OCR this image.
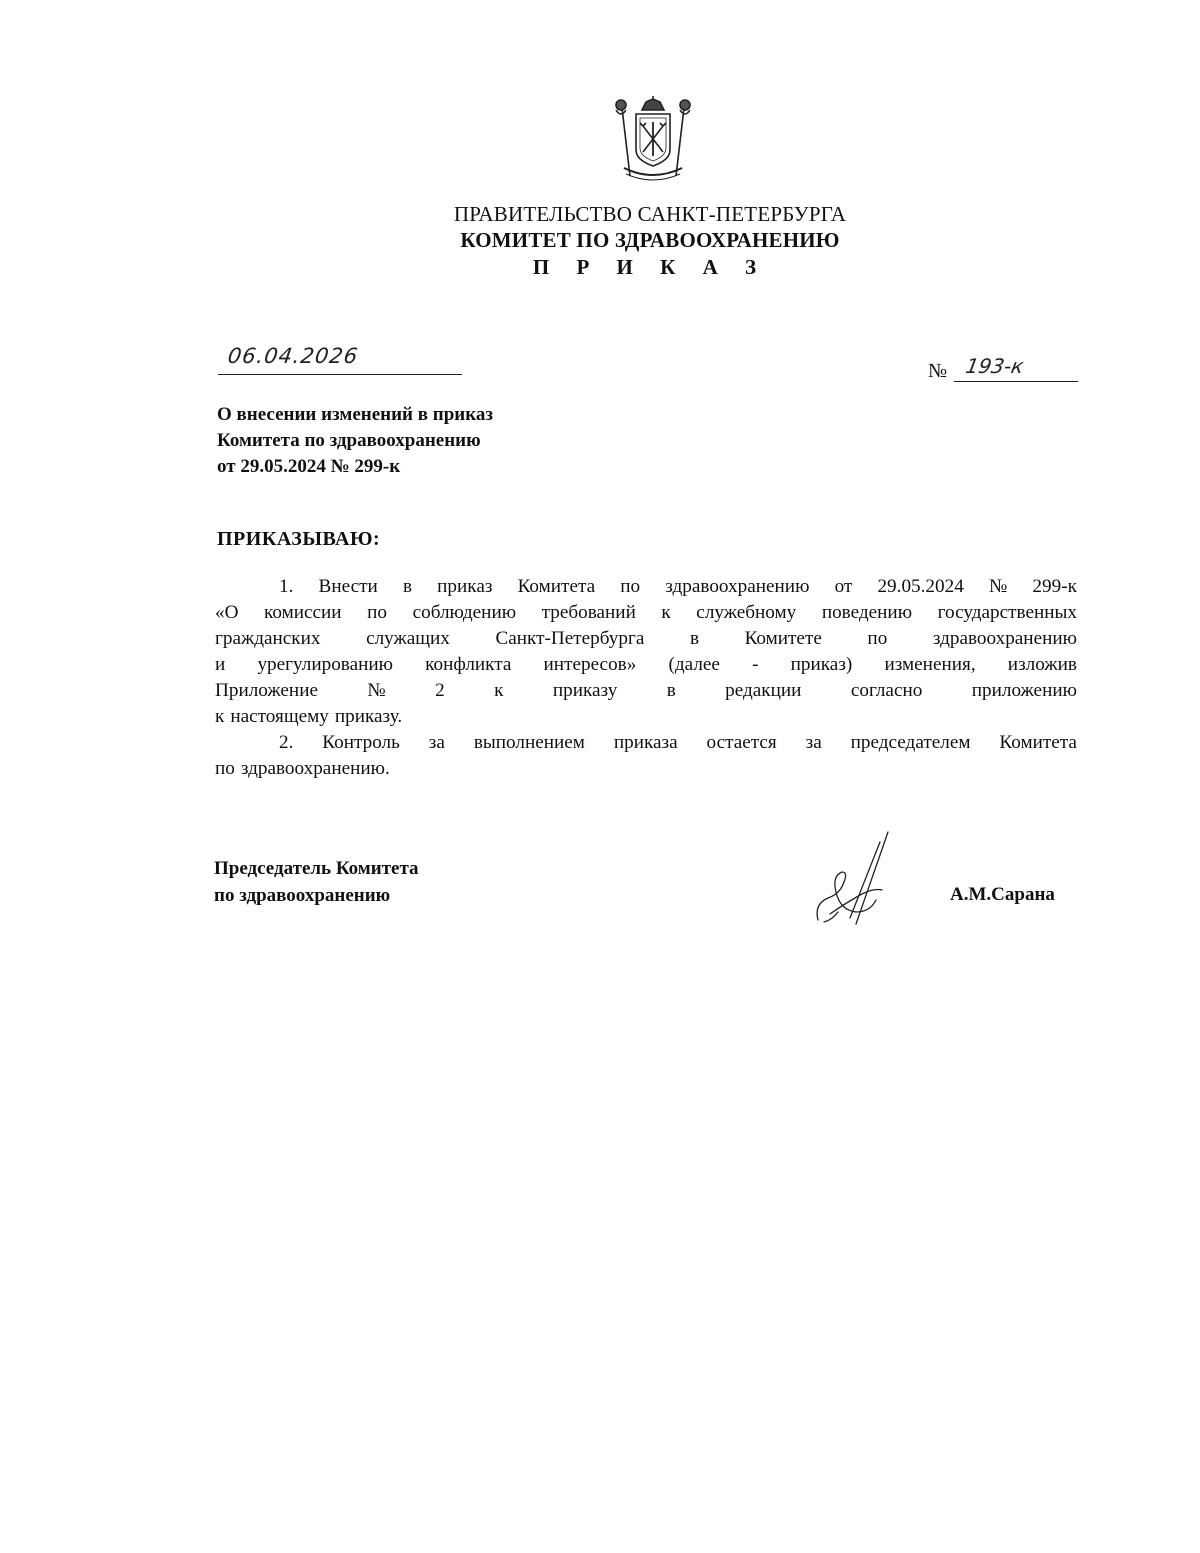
ПРАВИТЕЛЬСТВО САНКТ-ПЕТЕРБУРГА
КОМИТЕТ ПО ЗДРАВООХРАНЕНИЮ
П Р И К А З
06.04.2026
№ 193-к
О внесении изменений в приказ
Комитета по здравоохранению
от 29.05.2024 № 299-к
ПРИКАЗЫВАЮ:
1. Внести в приказ Комитета по здравоохранению от 29.05.2024 № 299-к
«О комиссии по соблюдению требований к служебному поведению государственных
гражданских служащих Санкт-Петербурга в Комитете по здравоохранению
и урегулированию конфликта интересов» (далее - приказ) изменения, изложив
Приложение	№	2	к	приказу	в	редакции	согласно	приложению
к настоящему приказу.
2. Контроль за выполнением приказа остается за председателем Комитета
по здравоохранению.
Председатель Комитета
по здравоохранению	А.М.Сарана
